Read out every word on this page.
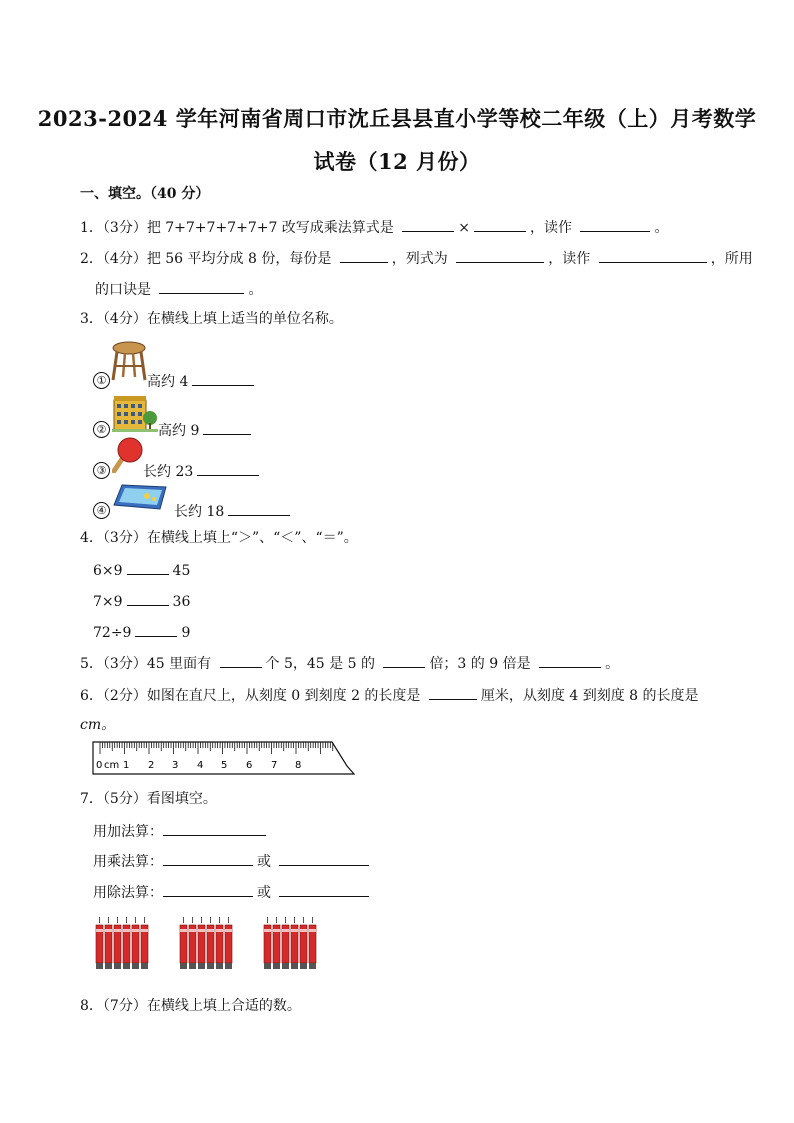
2023-2024 学年河南省周口市沈丘县县直小学等校二年级（上）月考数学
试卷（12 月份）
一、填空。（40 分）
1．（3分）把 7+7+7+7+7+7 改写成乘法算式是	×	，读作	。
2．（4分）把 56 平均分成 8 份，每份是	，列式为	，读作	，所用
的口诀是	。
3．（4分）在横线上填上适当的单位名称。
①	高约 4
②	高约 9
③	长约 23
④	长约 18
4．（3分）在横线上填上“＞”、“＜”、“＝”。
6×9	45
7×9	36
72÷9	9
5．（3分）45 里面有	个 5，45 是 5 的	倍；3 的 9 倍是	。
6．（2分）如图在直尺上，从刻度 0 到刻度 2 的长度是	厘米，从刻度 4 到刻度 8 的长度是
cm。
0 cm 1 2 3 4 5 6 7 8
7．（5分）看图填空。
用加法算：
用乘法算：	或
用除法算：	或
8．（7分）在横线上填上合适的数。
